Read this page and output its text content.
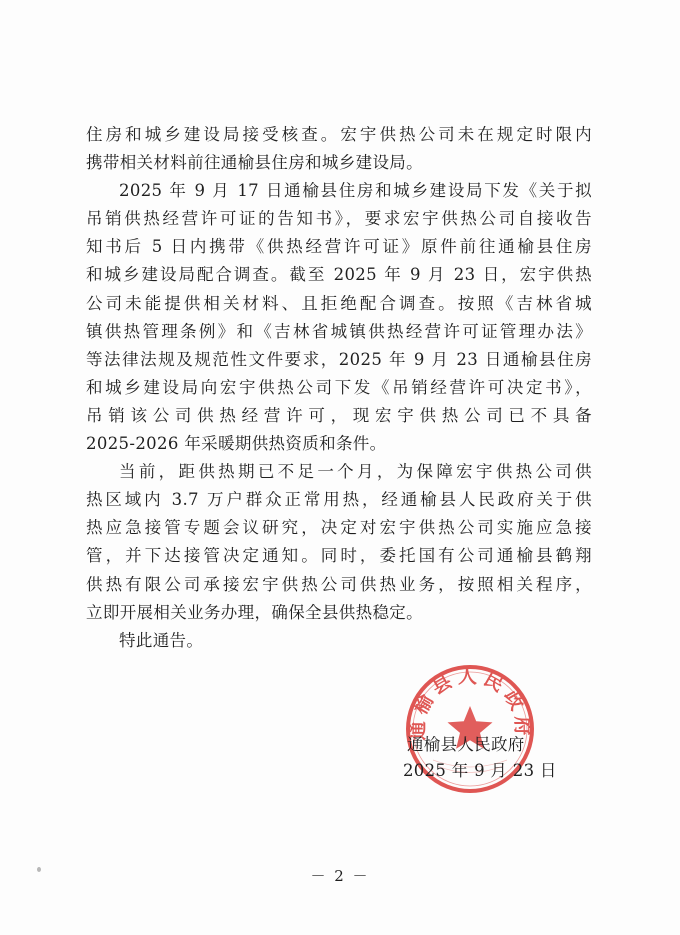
住房和城乡建设局接受核查。宏宇供热公司未在规定时限内
携带相关材料前往通榆县住房和城乡建设局。
2025 年 9 月 17 日通榆县住房和城乡建设局下发《关于拟
吊销供热经营许可证的告知书》，要求宏宇供热公司自接收告
知书后 5 日内携带《供热经营许可证》原件前往通榆县住房
和城乡建设局配合调查。截至 2025 年 9 月 23 日，宏宇供热
公司未能提供相关材料、且拒绝配合调查。按照《吉林省城
镇供热管理条例》和《吉林省城镇供热经营许可证管理办法》
等法律法规及规范性文件要求，2025 年 9 月 23 日通榆县住房
和城乡建设局向宏宇供热公司下发《吊销经营许可决定书》，
吊销该公司供热经营许可，现宏宇供热公司已不具备
2025-2026 年采暖期供热资质和条件。
当前，距供热期已不足一个月，为保障宏宇供热公司供
热区域内 3.7 万户群众正常用热，经通榆县人民政府关于供
热应急接管专题会议研究，决定对宏宇供热公司实施应急接
管，并下达接管决定通知。同时，委托国有公司通榆县鹤翔
供热有限公司承接宏宇供热公司供热业务，按照相关程序，
立即开展相关业务办理，确保全县供热稳定。
特此通告。
通榆县人民政府
通榆县人民政府
2025 年 9 月 23 日
－ 2 －
